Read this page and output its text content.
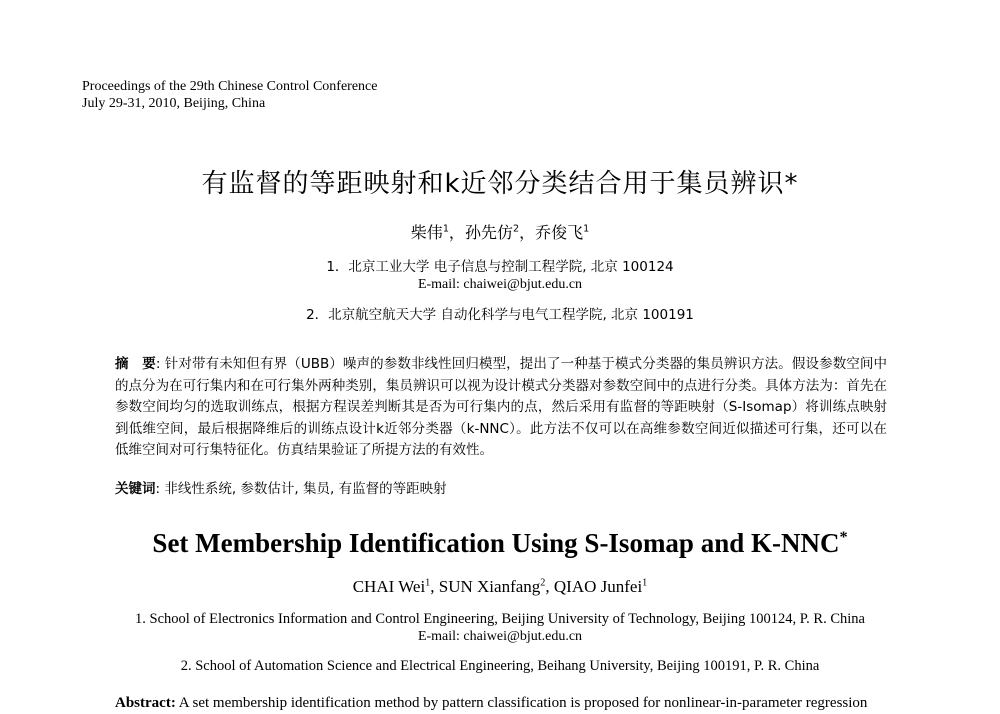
Proceedings of the 29th Chinese Control Conference
July 29-31, 2010, Beijing, China
有监督的等距映射和k近邻分类结合用于集员辨识*
柴伟$^1$，孙先仿$^2$，乔俊飞$^1$
1．北京工业大学 电子信息与控制工程学院, 北京 100124
E-mail: chaiwei@bjut.edu.cn
2．北京航空航天大学 自动化科学与电气工程学院, 北京 100191
摘　要: 针对带有未知但有界（UBB）噪声的参数非线性回归模型，提出了一种基于模式分类器的集员辨识方法。假设参数空间中的点分为在可行集内和在可行集外两种类别，集员辨识可以视为设计模式分类器对参数空间中的点进行分类。具体方法为：首先在参数空间均匀的选取训练点，根据方程误差判断其是否为可行集内的点，然后采用有监督的等距映射（S-Isomap）将训练点映射到低维空间，最后根据降维后的训练点设计k近邻分类器（k-NNC）。此方法不仅可以在高维参数空间近似描述可行集，还可以在低维空间对可行集特征化。仿真结果验证了所提方法的有效性。
关键词: 非线性系统, 参数估计, 集员, 有监督的等距映射
Set Membership Identification Using S-Isomap and K-NNC*
CHAI Wei$^1$, SUN Xianfang$^2$, QIAO Junfei$^1$
1. School of Electronics Information and Control Engineering, Beijing University of Technology, Beijing 100124, P. R. China
E-mail: chaiwei@bjut.edu.cn
2. School of Automation Science and Electrical Engineering, Beihang University, Beijing 100191, P. R. China
Abstract: A set membership identification method by pattern classification is proposed for nonlinear-in-parameter regression
